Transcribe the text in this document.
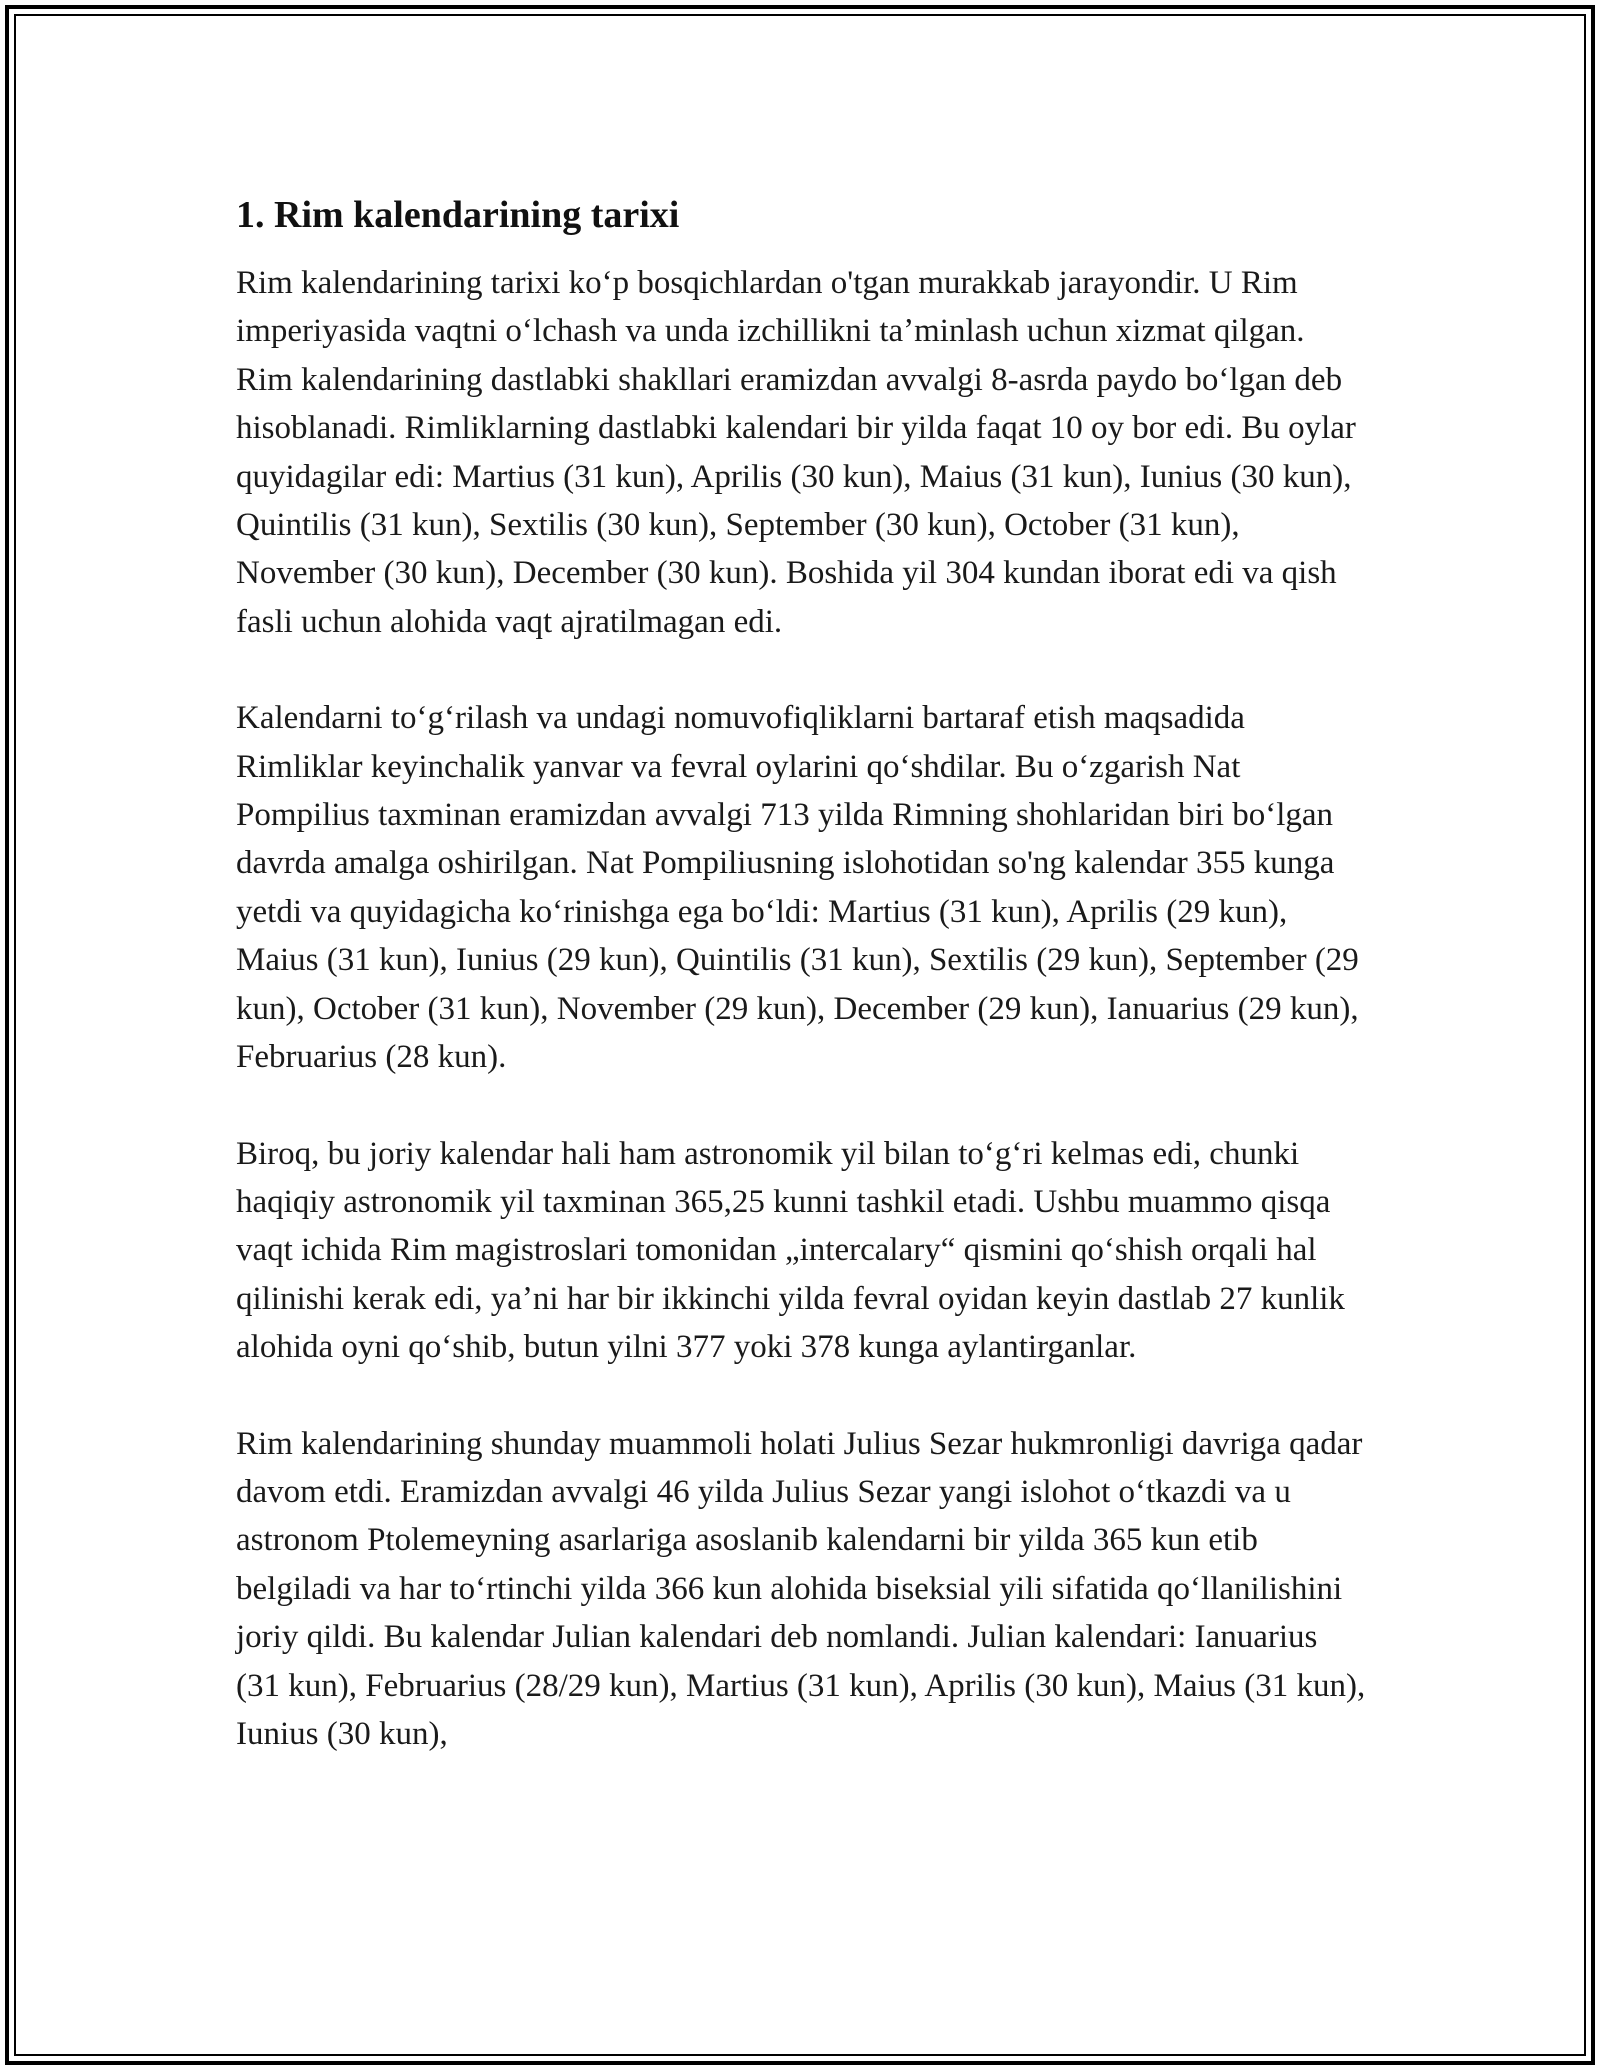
1. Rim kalendarining tarixi

Rim kalendarining tarixi koʻp bosqichlardan o'tgan murakkab jarayondir. U Rim imperiyasida vaqtni oʻlchash va unda izchillikni taʼminlash uchun xizmat qilgan. Rim kalendarining dastlabki shakllari eramizdan avvalgi 8-asrda paydo boʻlgan deb hisoblanadi. Rimliklarning dastlabki kalendari bir yilda faqat 10 oy bor edi. Bu oylar quyidagilar edi: Martius (31 kun), Aprilis (30 kun), Maius (31 kun), Iunius (30 kun), Quintilis (31 kun), Sextilis (30 kun), September (30 kun), October (31 kun), November (30 kun), December (30 kun). Boshida yil 304 kundan iborat edi va qish fasli uchun alohida vaqt ajratilmagan edi.

Kalendarni toʻgʻrilash va undagi nomuvofiqliklarni bartaraf etish maqsadida Rimliklar keyinchalik yanvar va fevral oylarini qoʻshdilar. Bu oʻzgarish Nat Pompilius taxminan eramizdan avvalgi 713 yilda Rimning shohlaridan biri boʻlgan davrda amalga oshirilgan. Nat Pompiliusning islohotidan so'ng kalendar 355 kunga yetdi va quyidagicha koʻrinishga ega boʻldi: Martius (31 kun), Aprilis (29 kun), Maius (31 kun), Iunius (29 kun), Quintilis (31 kun), Sextilis (29 kun), September (29 kun), October (31 kun), November (29 kun), December (29 kun), Ianuarius (29 kun), Februarius (28 kun).

Biroq, bu joriy kalendar hali ham astronomik yil bilan toʻgʻri kelmas edi, chunki haqiqiy astronomik yil taxminan 365,25 kunni tashkil etadi. Ushbu muammo qisqa vaqt ichida Rim magistroslari tomonidan „intercalary“ qismini qoʻshish orqali hal qilinishi kerak edi, yaʼni har bir ikkinchi yilda fevral oyidan keyin dastlab 27 kunlik alohida oyni qoʻshib, butun yilni 377 yoki 378 kunga aylantirganlar.

Rim kalendarining shunday muammoli holati Julius Sezar hukmronligi davriga qadar davom etdi. Eramizdan avvalgi 46 yilda Julius Sezar yangi islohot oʻtkazdi va u astronom Ptolemeyning asarlariga asoslanib kalendarni bir yilda 365 kun etib belgiladi va har toʻrtinchi yilda 366 kun alohida biseksial yili sifatida qoʻllanilishini joriy qildi. Bu kalendar Julian kalendari deb nomlandi. Julian kalendari: Ianuarius (31 kun), Februarius (28/29 kun), Martius (31 kun), Aprilis (30 kun), Maius (31 kun), Iunius (30 kun),
